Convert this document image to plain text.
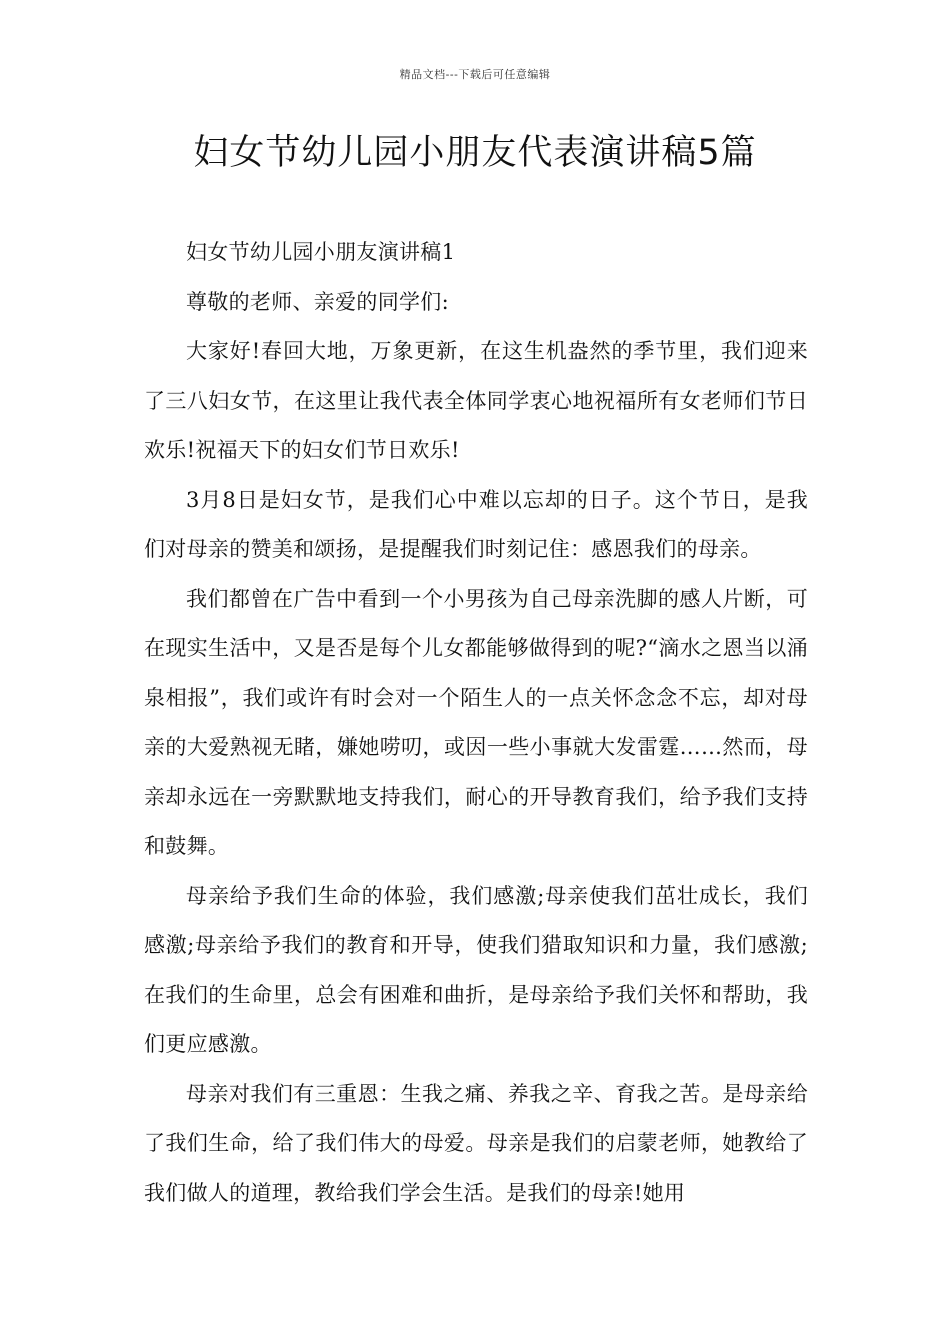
精品文档---下载后可任意编辑
妇女节幼儿园小朋友代表演讲稿5篇

妇女节幼儿园小朋友演讲稿1

尊敬的老师、亲爱的同学们:

大家好!春回大地，万象更新，在这生机盎然的季节里，我们迎来了三八妇女节，在这里让我代表全体同学衷心地祝福所有女老师们节日欢乐!祝福天下的妇女们节日欢乐!

3月8日是妇女节，是我们心中难以忘却的日子。这个节日，是我们对母亲的赞美和颂扬，是提醒我们时刻记住：感恩我们的母亲。

我们都曾在广告中看到一个小男孩为自己母亲洗脚的感人片断，可在现实生活中，又是否是每个儿女都能够做得到的呢?“滴水之恩当以涌泉相报”，我们或许有时会对一个陌生人的一点关怀念念不忘，却对母亲的大爱熟视无睹，嫌她唠叨，或因一些小事就大发雷霆……然而，母亲却永远在一旁默默地支持我们，耐心的开导教育我们，给予我们支持和鼓舞。

母亲给予我们生命的体验，我们感激;母亲使我们茁壮成长，我们感激;母亲给予我们的教育和开导，使我们猎取知识和力量，我们感激;在我们的生命里，总会有困难和曲折，是母亲给予我们关怀和帮助，我们更应感激。

母亲对我们有三重恩：生我之痛、养我之辛、育我之苦。是母亲给了我们生命，给了我们伟大的母爱。母亲是我们的启蒙老师，她教给了我们做人的道理，教给我们学会生活。是我们的母亲!她用
